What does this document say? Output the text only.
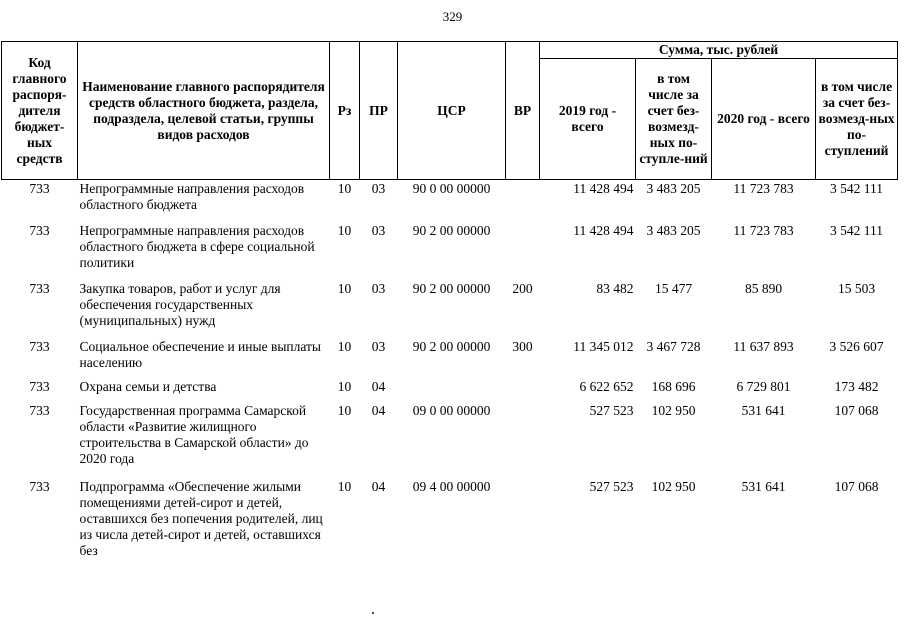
329
Код главного распоря-дителя бюджет-ных средств	Наименование главного распорядителя средств областного бюджета, раздела, подраздела, целевой статьи, группы видов расходов	Рз	ПР	ЦСР	ВР	Сумма, тыс. рублей			
						2019 год - всего	в том числе за счет без-возмезд-ных по-ступле-ний	2020 год - всего	в том числе за счет без-возмезд-ных по-ступлений
733	Непрограммные направления расходов областного бюджета	10	03	90 0 00 00000		11 428 494	3 483 205	11 723 783	3 542 111
733	Непрограммные направления расходов областного бюджета в сфере социальной политики	10	03	90 2 00 00000		11 428 494	3 483 205	11 723 783	3 542 111
733	Закупка товаров, работ и услуг для обеспечения государственных (муниципальных) нужд	10	03	90 2 00 00000	200	83 482	15 477	85 890	15 503
733	Социальное обеспечение и иные выплаты населению	10	03	90 2 00 00000	300	11 345 012	3 467 728	11 637 893	3 526 607
733	Охрана семьи и детства	10	04			6 622 652	168 696	6 729 801	173 482
733	Государственная программа Самарской области «Развитие жилищного строительства в Самарской области» до 2020 года	10	04	09 0 00 00000		527 523	102 950	531 641	107 068
733	Подпрограмма «Обеспечение жилыми помещениями детей-сирот и детей, оставшихся без попечения родителей, лиц из числа детей-сирот и детей, оставшихся без	10	04	09 4 00 00000		527 523	102 950	531 641	107 068
